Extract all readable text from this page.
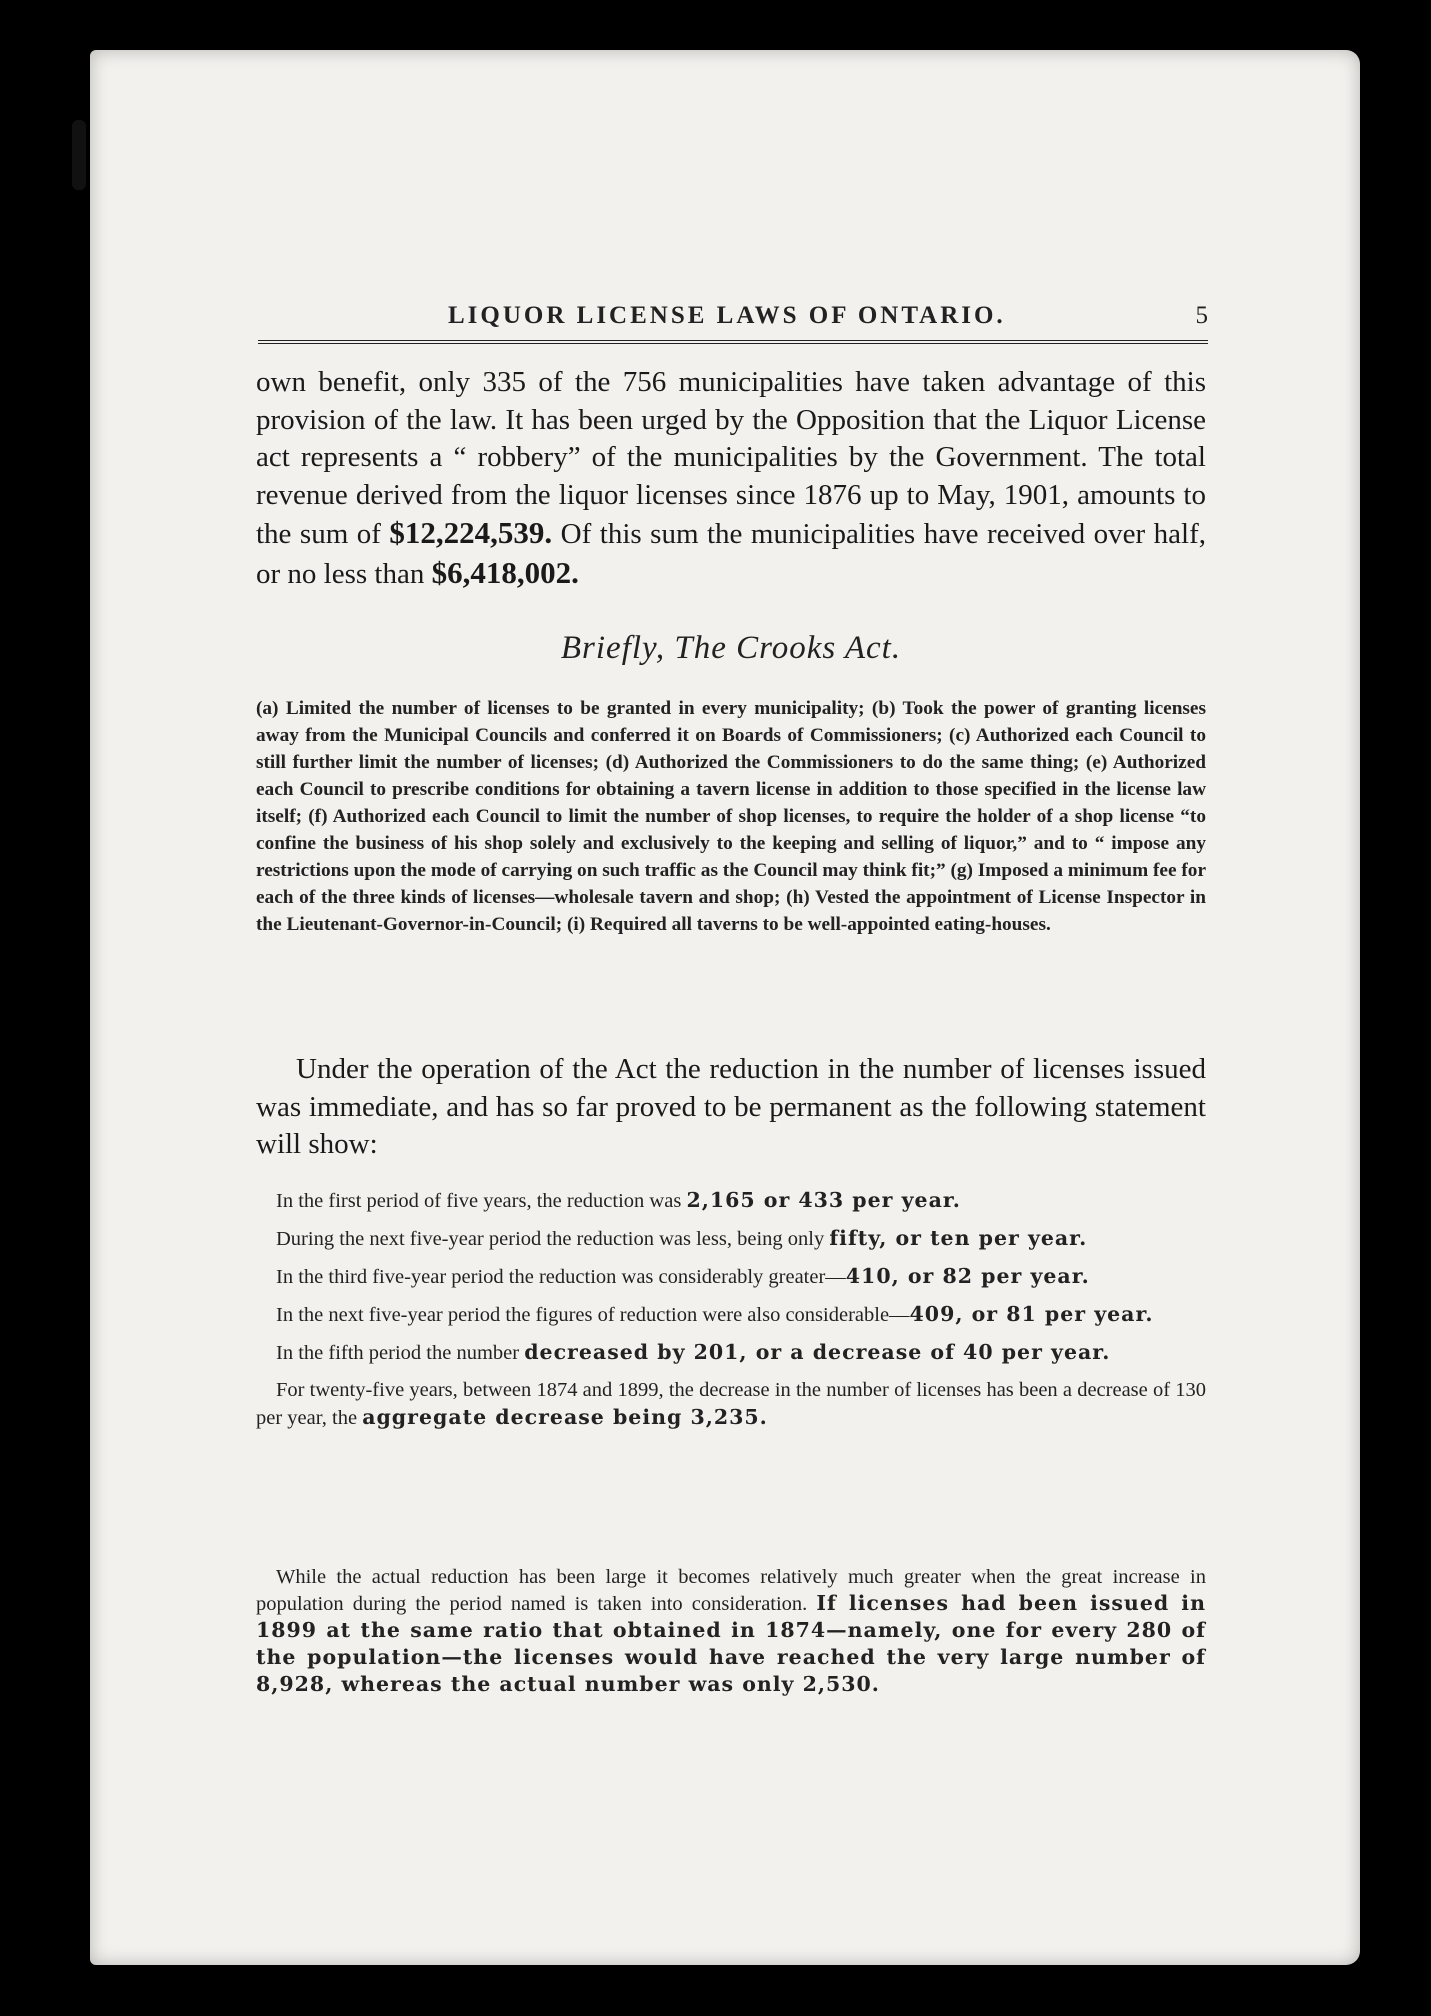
LIQUOR LICENSE LAWS OF ONTARIO.	5

own benefit, only 335 of the 756 municipalities have taken advantage of this provision of the law. It has been urged by the Opposition that the Liquor License act represents a “ robbery” of the municipalities by the Government. The total revenue derived from the liquor licenses since 1876 up to May, 1901, amounts to the sum of $12,224,539. Of this sum the municipalities have received over half, or no less than $6,418,002.

Briefly, The Crooks Act.

(a) Limited the number of licenses to be granted in every municipality; (b) Took the power of granting licenses away from the Municipal Councils and conferred it on Boards of Commissioners; (c) Authorized each Council to still further limit the number of licenses; (d) Authorized the Commissioners to do the same thing; (e) Authorized each Council to prescribe conditions for obtaining a tavern license in addition to those specified in the license law itself; (f) Authorized each Council to limit the number of shop licenses, to require the holder of a shop license “to confine the business of his shop solely and exclusively to the keeping and selling of liquor,” and to “ impose any restrictions upon the mode of carrying on such traffic as the Council may think fit;” (g) Imposed a minimum fee for each of the three kinds of licenses—wholesale tavern and shop; (h) Vested the appointment of License Inspector in the Lieutenant-Governor-in-Council; (i) Required all taverns to be well-appointed eating-houses.

Under the operation of the Act the reduction in the number of licenses issued was immediate, and has so far proved to be permanent as the following statement will show:

In the first period of five years, the reduction was 2,165 or 433 per year.

During the next five-year period the reduction was less, being only fifty, or ten per year.

In the third five-year period the reduction was considerably greater—410, or 82 per year.

In the next five-year period the figures of reduction were also considerable—409, or 81 per year.

In the fifth period the number decreased by 201, or a decrease of 40 per year.

For twenty-five years, between 1874 and 1899, the decrease in the number of licenses has been a decrease of 130 per year, the aggregate decrease being 3,235.

While the actual reduction has been large it becomes relatively much greater when the great increase in population during the period named is taken into consideration. If licenses had been issued in 1899 at the same ratio that obtained in 1874—namely, one for every 280 of the population—the licenses would have reached the very large number of 8,928, whereas the actual number was only 2,530.
